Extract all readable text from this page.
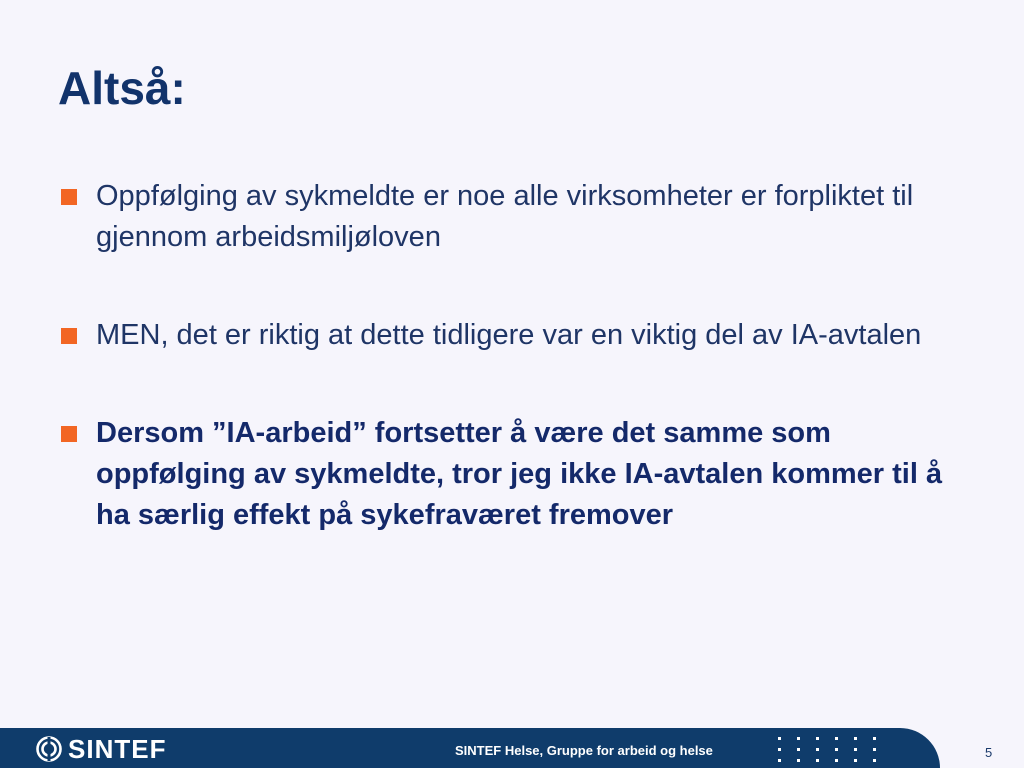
Altså:
Oppfølging av sykmeldte er noe alle virksomheter er forpliktet til gjennom arbeidsmiljøloven
MEN, det er riktig at dette tidligere var en viktig del av IA-avtalen
Dersom ”IA-arbeid” fortsetter å være det samme som oppfølging av sykmeldte, tror jeg ikke IA-avtalen kommer til å ha særlig effekt på sykefraværet fremover
SINTEF	SINTEF Helse, Gruppe for arbeid og helse	5
